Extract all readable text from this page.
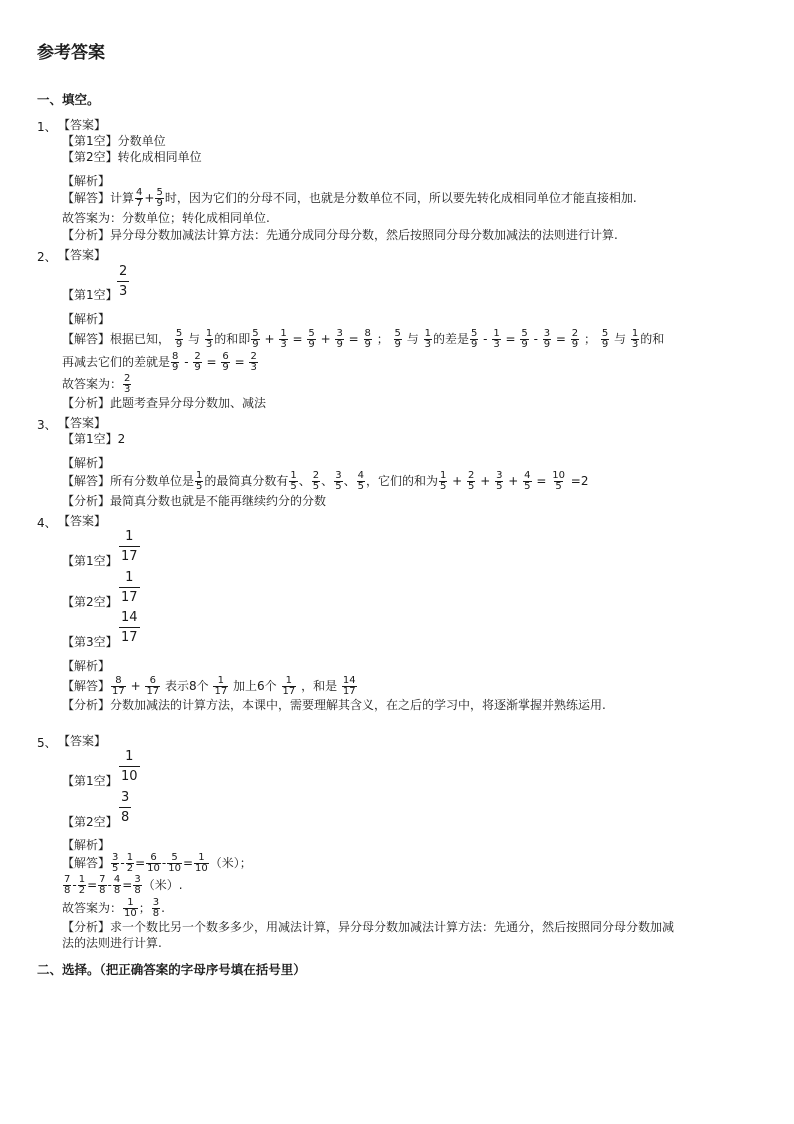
参考答案
一、填空。
1、 【答案】
【第1空】分数单位
【第2空】转化成相同单位
【解析】
【解答】计算 $\frac{4}{7} + \frac{5}{9}$ 时，因为它们的分母不同，也就是分数单位不同，所以要先转化成相同单位才能直接相加.
故答案为：分数单位；转化成相同单位.
【分析】异分母分数加减法计算方法：先通分成同分母分数，然后按照同分母分数加减法的法则进行计算.
2、 【答案】
【第1空】
2
3
【解析】
【解答】根据已知， $\frac{5}{9}$ 与 $\frac{1}{3}$ 的和即 $\frac{5}{9} + \frac{1}{3} = \frac{5}{9} + \frac{3}{9} = \frac{8}{9}$ ； $\frac{5}{9}$ 与 $\frac{1}{3}$ 的差是 $\frac{5}{9} - \frac{1}{3} = \frac{5}{9} - \frac{3}{9} = \frac{2}{9}$ ； $\frac{5}{9}$ 与 $\frac{1}{3}$ 的和
再减去它们的差就是 $\frac{8}{9} - \frac{2}{9} = \frac{6}{9} = \frac{2}{3}$
故答案为： $\frac{2}{3}$
【分析】此题考查异分母分数加、减法
3、 【答案】
【第1空】2
【解析】
【解答】所有分数单位是 $\frac{1}{5}$ 的最简真分数有 $\frac{1}{5}$ 、 $\frac{2}{5}$ 、 $\frac{3}{5}$ 、 $\frac{4}{5}$ ，它们的和为 $\frac{1}{5} + \frac{2}{5} + \frac{3}{5} + \frac{4}{5} = \frac{10}{5} =2$
【分析】最简真分数也就是不能再继续约分的分数
4、 【答案】
【第1空】
1
17
【第2空】
1
17
【第3空】
14
17
【解析】
【解答】 $\frac{8}{17} + \frac{6}{17}$ 表示8个 $\frac{1}{17}$ 加上6个 $\frac{1}{17}$ ，和是 $\frac{14}{17}$
【分析】分数加减法的计算方法，本课中，需要理解其含义，在之后的学习中，将逐渐掌握并熟练运用.
5、 【答案】
【第1空】
1
10
【第2空】
3
8
【解析】
【解答】 $\frac{3}{5} - \frac{1}{2} = \frac{6}{10} - \frac{5}{10} = \frac{1}{10}$ （米）；
$\frac{7}{8} - \frac{1}{2} = \frac{7}{8} - \frac{4}{8} = \frac{3}{8}$ （米）.
故答案为： $\frac{1}{10}$ ； $\frac{3}{8}$ .
【分析】求一个数比另一个数多多少，用减法计算，异分母分数加减法计算方法：先通分，然后按照同分母分数加减
法的法则进行计算.
二、选择。（把正确答案的字母序号填在括号里）
